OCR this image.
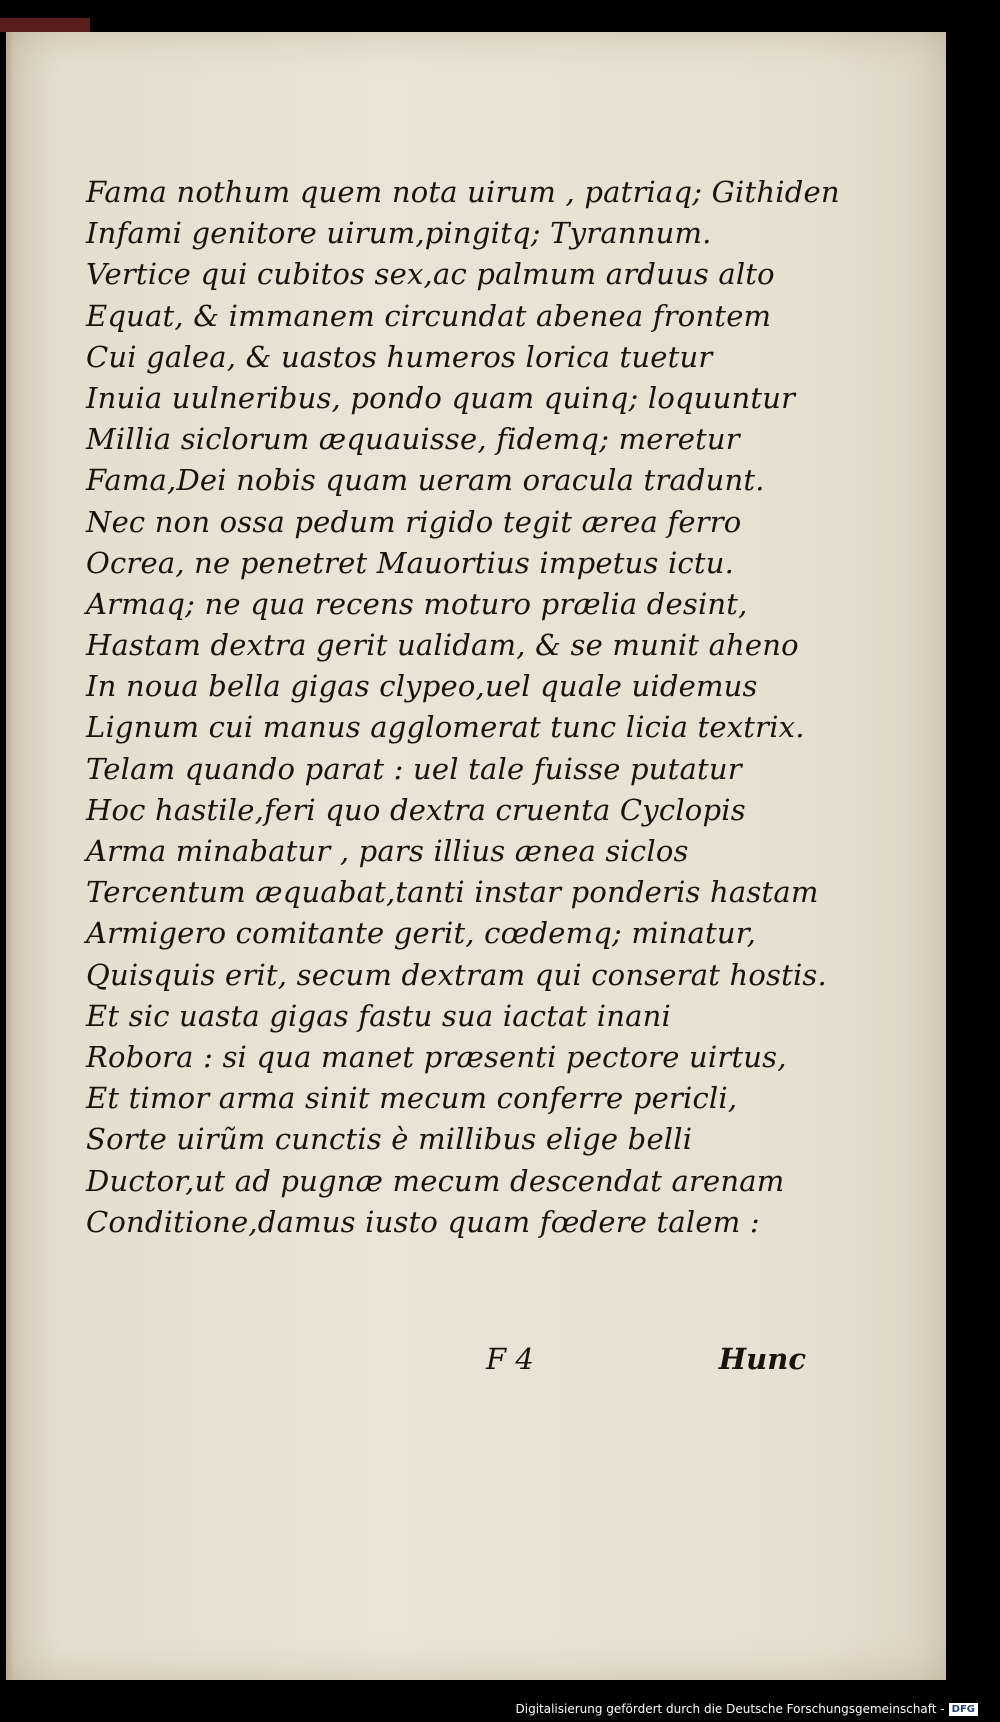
Fama nothum quem nota uirum , patriaq; Githiden
Infami genitore uirum,pingitq; Tyrannum.
Vertice qui cubitos sex,ac palmum arduus alto
Equat, & immanem circundat abenea frontem
Cui galea, & uastos humeros lorica tuetur
Inuia uulneribus, pondo quam quinq; loquuntur
Millia siclorum æquauisse, fidemq; meretur
Fama,Dei nobis quam ueram oracula tradunt.
Nec non ossa pedum rigido tegit ærea ferro
Ocrea, ne penetret Mauortius impetus ictu.
Armaq; ne qua recens moturo prælia desint,
Hastam dextra gerit ualidam, & se munit aheno
In noua bella gigas clypeo,uel quale uidemus
Lignum cui manus agglomerat tunc licia textrix.
Telam quando parat : uel tale fuisse putatur
Hoc hastile,feri quo dextra cruenta Cyclopis
Arma minabatur , pars illius ænea siclos
Tercentum æquabat,tanti instar ponderis hastam
Armigero comitante gerit, cœdemq; minatur,
Quisquis erit, secum dextram qui conserat hostis.
Et sic uasta gigas fastu sua iactat inani
Robora : si qua manet præsenti pectore uirtus,
Et timor arma sinit mecum conferre pericli,
Sorte uirũm cunctis è millibus elige belli
Ductor,ut ad pugnæ mecum descendat arenam
Conditione,damus iusto quam fœdere talem :
F 4	Hunc
Digitalisierung gefördert durch die Deutsche Forschungsgemeinschaft - DFG
